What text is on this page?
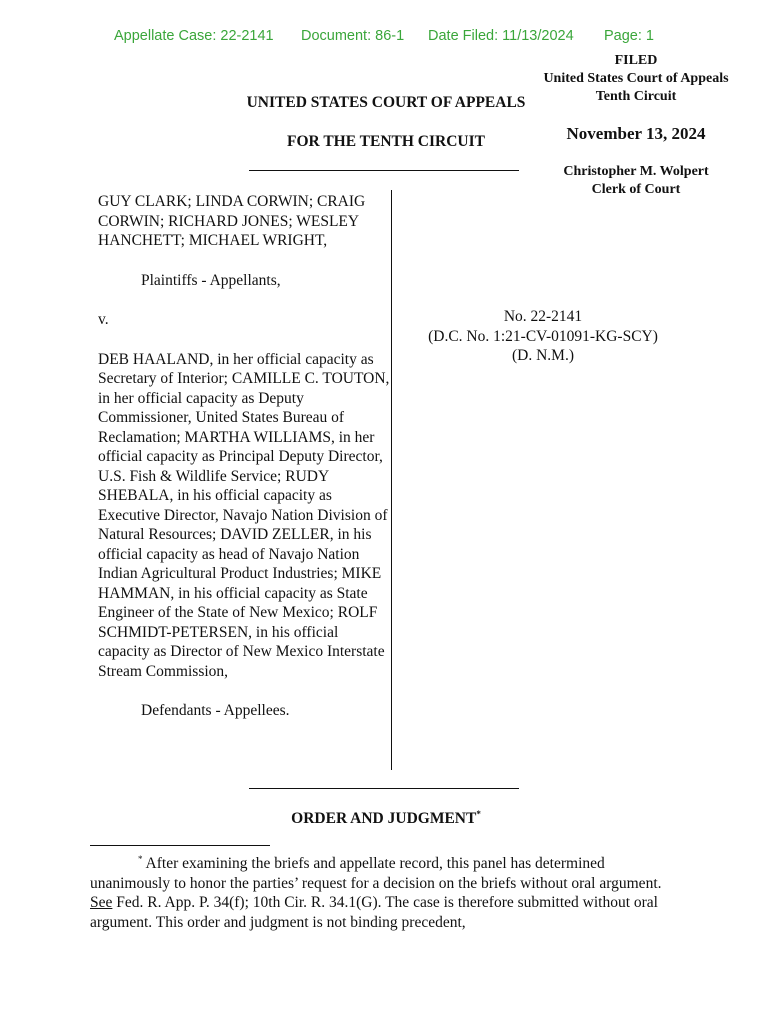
Appellate Case: 22-2141 Document: 86-1 Date Filed: 11/13/2024 Page: 1
FILED
United States Court of Appeals
Tenth Circuit
November 13, 2024
Christopher M. Wolpert
Clerk of Court
UNITED STATES COURT OF APPEALS
FOR THE TENTH CIRCUIT

GUY CLARK; LINDA CORWIN; CRAIG CORWIN; RICHARD JONES; WESLEY HANCHETT; MICHAEL WRIGHT,

Plaintiffs - Appellants,

v.

DEB HAALAND, in her official capacity as Secretary of Interior; CAMILLE C. TOUTON, in her official capacity as Deputy Commissioner, United States Bureau of Reclamation; MARTHA WILLIAMS, in her official capacity as Principal Deputy Director, U.S. Fish & Wildlife Service; RUDY SHEBALA, in his official capacity as Executive Director, Navajo Nation Division of Natural Resources; DAVID ZELLER, in his official capacity as head of Navajo Nation Indian Agricultural Product Industries; MIKE HAMMAN, in his official capacity as State Engineer of the State of New Mexico; ROLF SCHMIDT-PETERSEN, in his official capacity as Director of New Mexico Interstate Stream Commission,

Defendants - Appellees.

No. 22-2141
(D.C. No. 1:21-CV-01091-KG-SCY)
(D. N.M.)
ORDER AND JUDGMENT*

* After examining the briefs and appellate record, this panel has determined unanimously to honor the parties’ request for a decision on the briefs without oral argument. See Fed. R. App. P. 34(f); 10th Cir. R. 34.1(G). The case is therefore submitted without oral argument. This order and judgment is not binding precedent,
